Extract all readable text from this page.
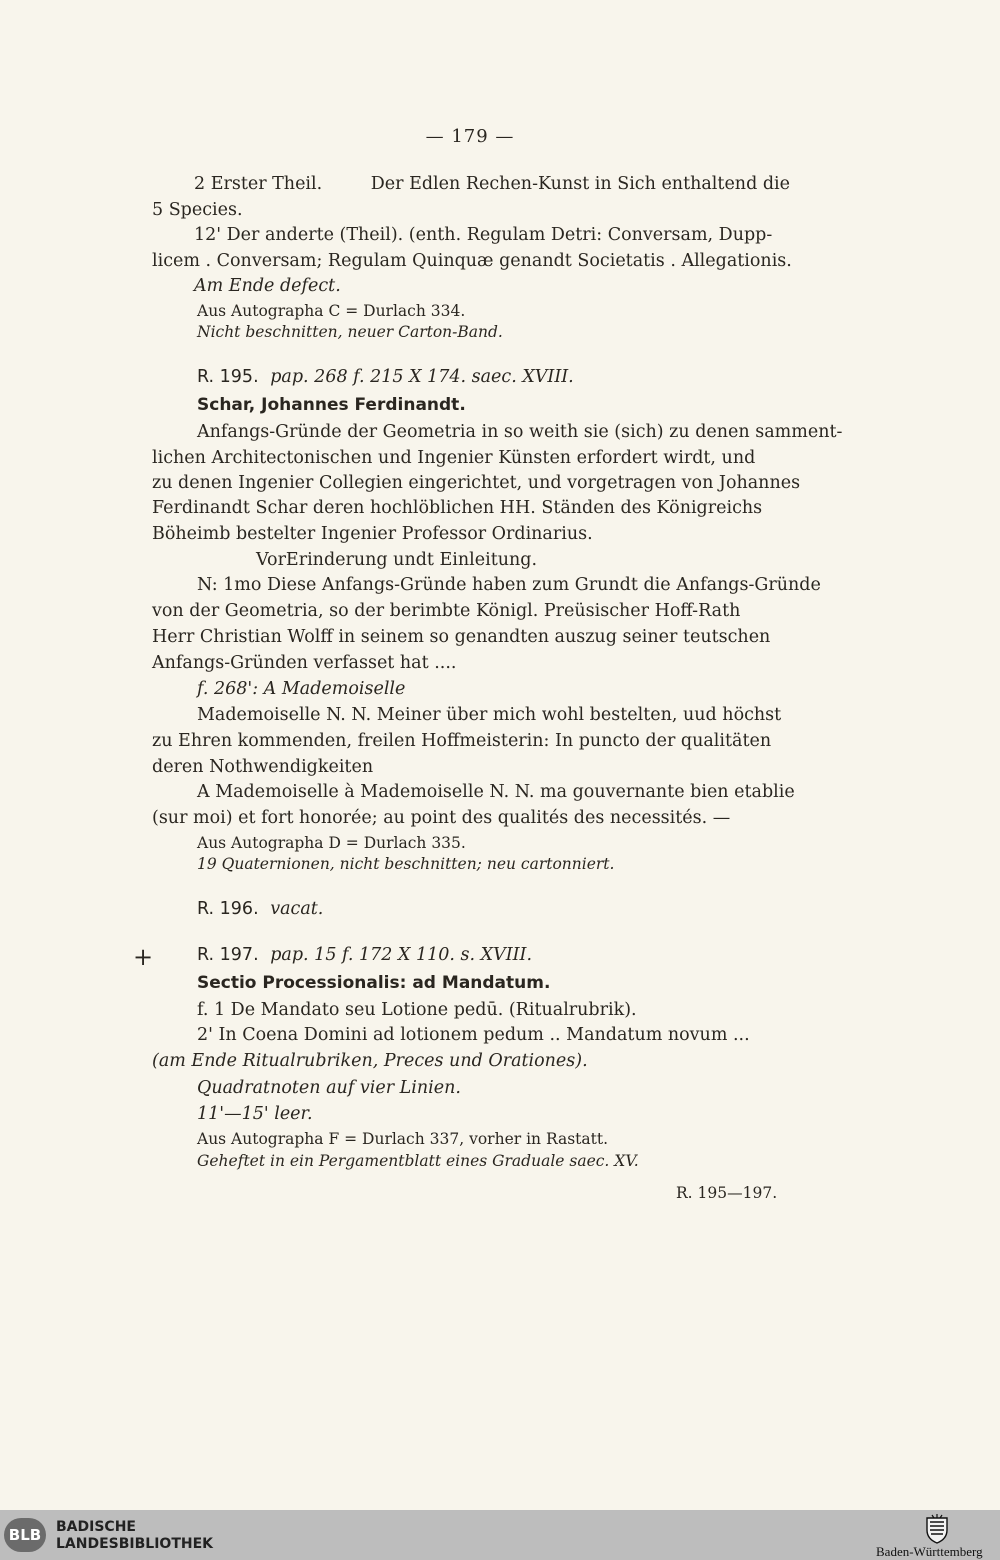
— 179 —
2 Erster Theil.	Der Edlen Rechen-Kunst in Sich enthaltend die
5 Species.
12' Der anderte (Theil). (enth. Regulam Detri: Conversam, Dupp-
licem . Conversam; Regulam Quinquæ genandt Societatis . Allegationis.
Am Ende defect.
Aus Autographa C = Durlach 334.
Nicht beschnitten, neuer Carton-Band.
R. 195. pap. 268 f. 215 X 174. saec. XVIII.
Schar, Johannes Ferdinandt.
Anfangs-Gründe der Geometria in so weith sie (sich) zu denen samment-
lichen Architectonischen und Ingenier Künsten erfordert wirdt, und
zu denen Ingenier Collegien eingerichtet, und vorgetragen von Johannes
Ferdinandt Schar deren hochlöblichen HH. Ständen des Königreichs
Böheimb bestelter Ingenier Professor Ordinarius.
VorErinderung undt Einleitung.
N: 1mo Diese Anfangs-Gründe haben zum Grundt die Anfangs-Gründe
von der Geometria, so der berimbte Königl. Preüsischer Hoff-Rath
Herr Christian Wolff in seinem so genandten auszug seiner teutschen
Anfangs-Gründen verfasset hat ....
f. 268': A Mademoiselle
Mademoiselle N. N. Meiner über mich wohl bestelten, uud höchst
zu Ehren kommenden, freilen Hoffmeisterin: In puncto der qualitäten
deren Nothwendigkeiten
A Mademoiselle à Mademoiselle N. N. ma gouvernante bien etablie
(sur moi) et fort honorée; au point des qualités des necessités. —
Aus Autographa D = Durlach 335.
19 Quaternionen, nicht beschnitten; neu cartonniert.
R. 196. vacat.
R. 197. pap. 15 f. 172 X 110. s. XVIII.
Sectio Processionalis: ad Mandatum.
f. 1 De Mandato seu Lotione pedū. (Ritualrubrik).
2' In Coena Domini ad lotionem pedum .. Mandatum novum ...
(am Ende Ritualrubriken, Preces und Orationes).
Quadratnoten auf vier Linien.
11'—15' leer.
Aus Autographa F = Durlach 337, vorher in Rastatt.
Geheftet in ein Pergamentblatt eines Graduale saec. XV.
R. 195—197.
+
BLB	BADISCHE
LANDESBIBLIOTHEK	Baden-Württemberg
